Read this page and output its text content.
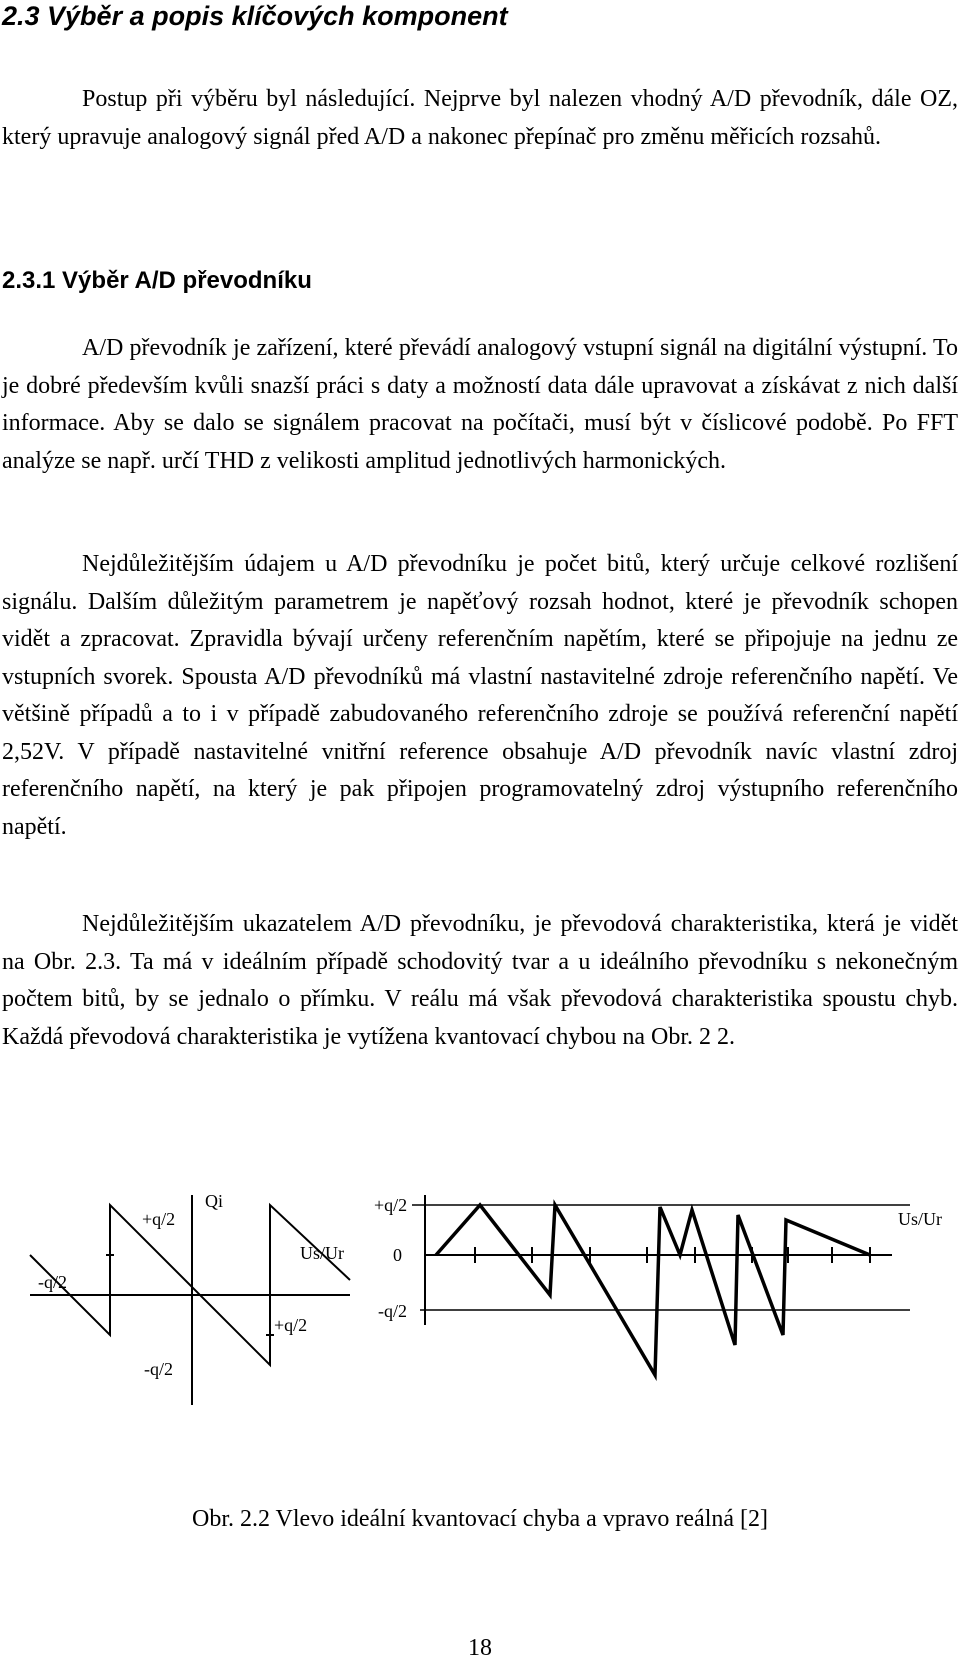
2.3 Výběr a popis klíčových komponent

Postup při výběru byl následující. Nejprve byl nalezen vhodný A/D převodník, dále OZ, který upravuje analogový signál před A/D a nakonec přepínač pro změnu měřicích rozsahů.

2.3.1 Výběr A/D převodníku

A/D převodník je zařízení, které převádí analogový vstupní signál na digitální výstupní. To je dobré především kvůli snazší práci s daty a možností data dále upravovat a získávat z nich další informace. Aby se dalo se signálem pracovat na počítači, musí být v číslicové podobě. Po FFT analýze se např. určí THD z velikosti amplitud jednotlivých harmonických.

Nejdůležitějším údajem u A/D převodníku je počet bitů, který určuje celkové rozlišení signálu. Dalším důležitým parametrem je napěťový rozsah hodnot, které je převodník schopen vidět a zpracovat. Zpravidla bývají určeny referenčním napětím, které se připojuje na jednu ze vstupních svorek. Spousta A/D převodníků má vlastní nastavitelné zdroje referenčního napětí. Ve většině případů a to i v případě zabudovaného referenčního zdroje se používá referenční napětí 2,52V. V případě nastavitelné vnitřní reference obsahuje A/D převodník navíc vlastní zdroj referenčního napětí, na který je pak připojen programovatelný zdroj výstupního referenčního napětí.

Nejdůležitějším ukazatelem A/D převodníku, je převodová charakteristika, která je vidět na Obr. 2.3. Ta má v ideálním případě schodovitý tvar a u ideálního převodníku s nekonečným počtem bitů, by se jednalo o přímku. V reálu má však převodová charakteristika spoustu chyb. Každá převodová charakteristika je vytížena kvantovací chybou na Obr. 2 2.

Qi
Us/Ur
+q/2
-q/2
+q/2
-q/2
+q/2
0
-q/2
Us/Ur

Obr. 2.2 Vlevo ideální kvantovací chyba a vpravo reálná [2]

18
